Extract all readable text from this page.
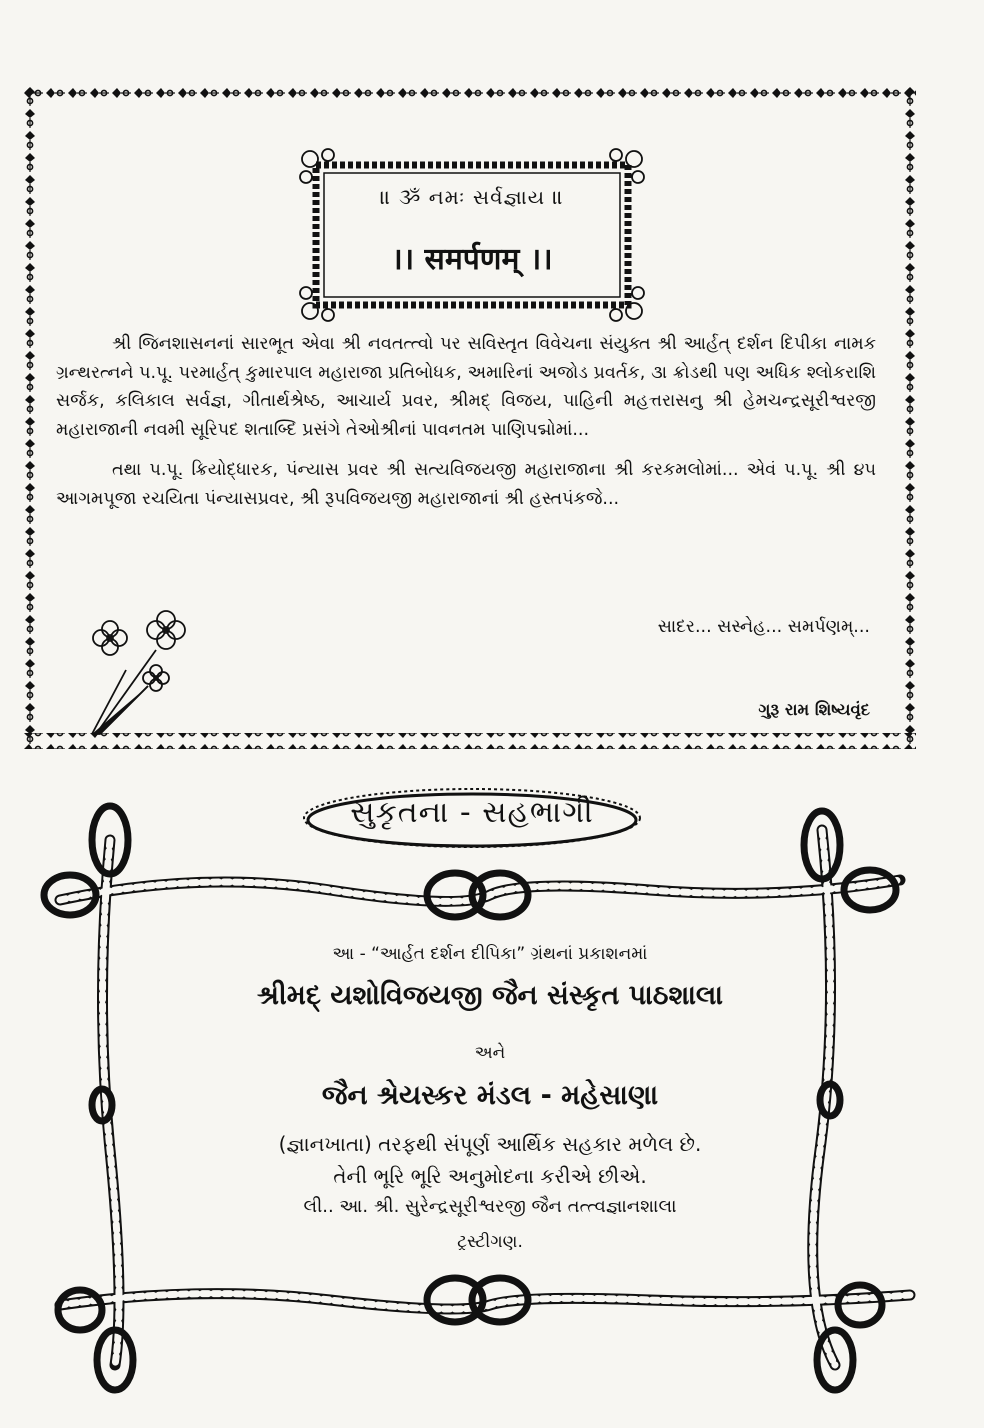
॥ ૐ નમઃ સર્વજ્ઞાય ॥
।। समर्पणम् ।।

શ્રી જિનશાસનનાં સારભૂત એવા શ્રી નવતત્ત્વો પર સવિસ્તૃત વિવેચના સંયુક્ત શ્રી આર્હત્ દર્શન દિપીકા નામક ગ્રન્થરત્નને પ.પૂ. પરમાર્હત્ કુમારપાલ મહારાજા પ્રતિબોધક, અમારિનાં અજોડ પ્રવર્તક, ૩ા ક્રોડથી પણ અધિક શ્લોકરાશિ સર્જક, કલિકાલ સર્વજ્ઞ, ગીતાર્થશ્રેષ્ઠ, આચાર્ય પ્રવર, શ્રીમદ્ વિજય, પાહિની મહત્તરાસનુ શ્રી હેમચન્દ્રસૂરીશ્વરજી મહારાજાની નવમી સૂરિપદ શતાબ્દિ પ્રસંગે તેઓશ્રીનાં પાવનતમ પાણિપદ્મોમાં...

તથા પ.પૂ. ક્રિયોદ્ધારક, પંન્યાસ પ્રવર શ્રી સત્યવિજયજી મહારાજાના શ્રી કરકમલોમાં... એવં પ.પૂ. શ્રી ૪૫ આગમપૂજા રચયિતા પંન્યાસપ્રવર, શ્રી રૂપવિજયજી મહારાજાનાં શ્રી હસ્તપંકજે...

સાદર... સસ્નેહ... સમર્પણમ્...
ગુરૂ રામ શિષ્યવૃંદ
સુકૃતના - સહભાગી
આ - “આર્હત દર્શન દીપિકા” ગ્રંથનાં પ્રકાશનમાં
શ્રીમદ્ યશોવિજયજી જૈન સંસ્કૃત પાઠશાલા
અને
જૈન શ્રેયસ્કર મંડલ - મહેસાણા
(જ્ઞાનખાતા) તરફથી સંપૂર્ણ આર્થિક સહકાર મળેલ છે.
તેની ભૂરિ ભૂરિ અનુમોદના કરીએ છીએ.
લી.. આ. શ્રી. સુરેન્દ્રસૂરીશ્વરજી જૈન તત્ત્વજ્ઞાનશાલા
ટ્રસ્ટીગણ.
